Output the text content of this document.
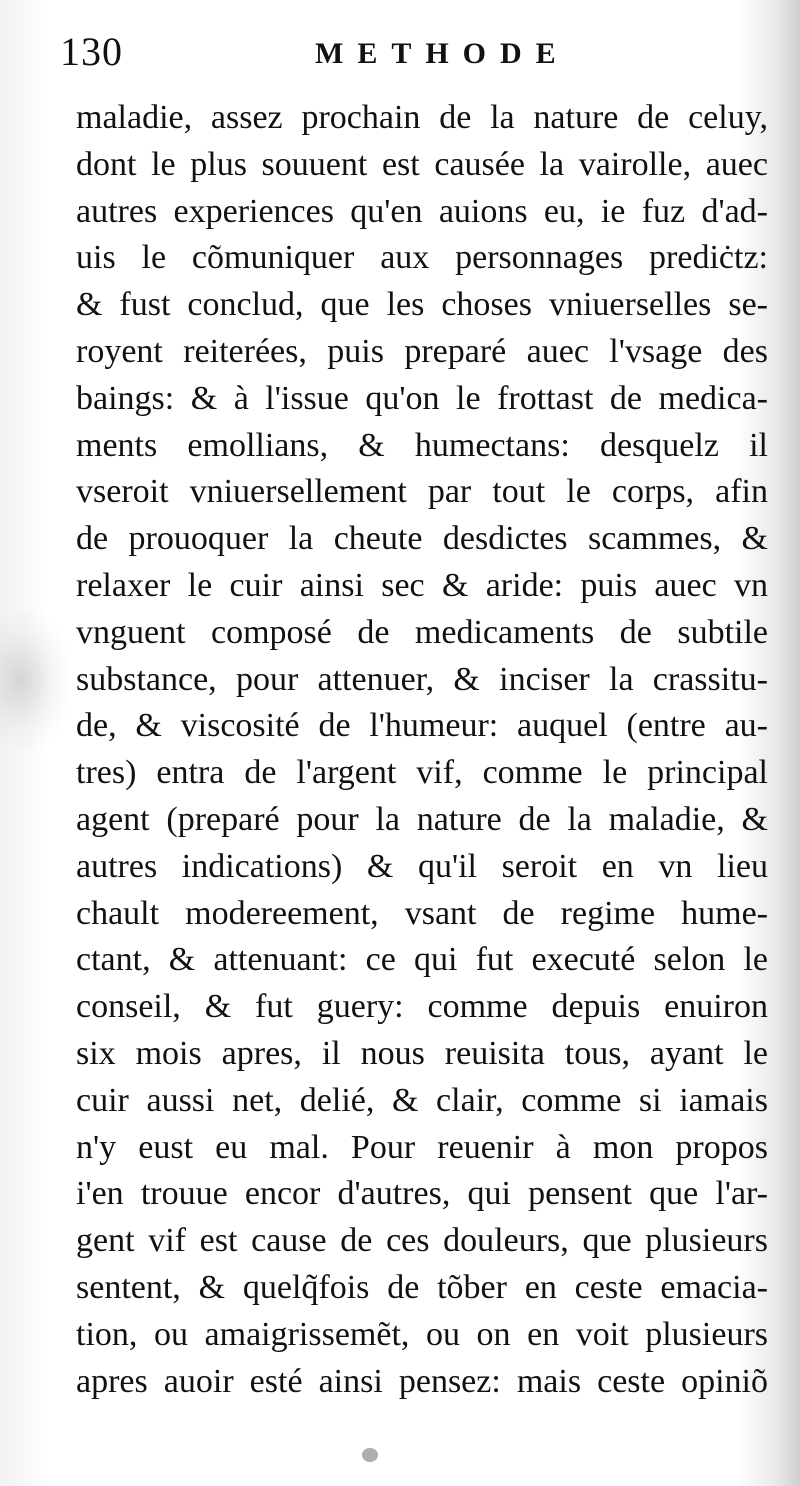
130	METHODE
maladie, assez prochain de la nature de celuy,
dont le plus souuent est causée la vairolle, auec
autres experiences qu'en auions eu, ie fuz d'ad-
uis le cõmuniquer aux personnages prediċtz:
& fust conclud, que les choses vniuerselles se-
royent reiterées, puis preparé auec l'vsage des
baings: & à l'issue qu'on le frottast de medica-
ments emollians, & humectans: desquelz il
vseroit vniuersellement par tout le corps, afin
de prouoquer la cheute desdictes scammes, &
relaxer le cuir ainsi sec & aride: puis auec vn
vnguent composé de medicaments de subtile
substance, pour attenuer, & inciser la crassitu-
de, & viscosité de l'humeur: auquel (entre au-
tres) entra de l'argent vif, comme le principal
agent (preparé pour la nature de la maladie, &
autres indications) & qu'il seroit en vn lieu
chault modereement, vsant de regime hume-
ctant, & attenuant: ce qui fut executé selon le
conseil, & fut guery: comme depuis enuiron
six mois apres, il nous reuisita tous, ayant le
cuir aussi net, delié, & clair, comme si iamais
n'y eust eu mal. Pour reuenir à mon propos
i'en trouue encor d'autres, qui pensent que l'ar-
gent vif est cause de ces douleurs, que plusieurs
sentent, & quelq̃fois de tõber en ceste emacia-
tion, ou amaigrissemẽt, ou on en voit plusieurs
apres auoir esté ainsi pensez: mais ceste opiniõ
